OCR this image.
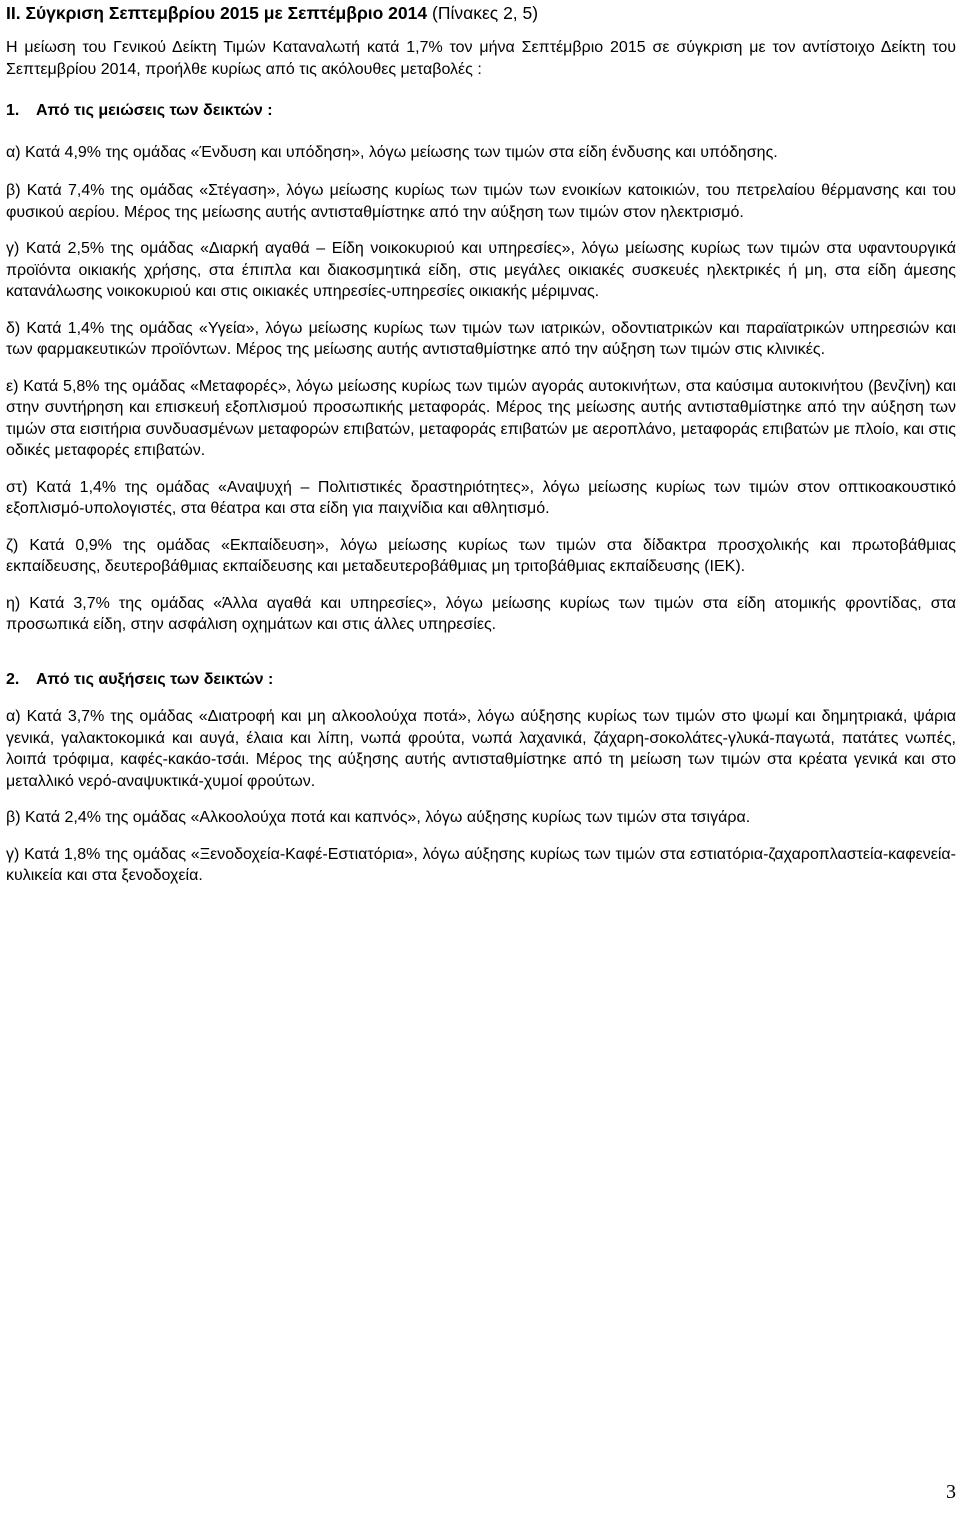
II. Σύγκριση Σεπτεμβρίου 2015 με Σεπτέμβριο 2014 (Πίνακες 2, 5)

Η μείωση του Γενικού Δείκτη Τιμών Καταναλωτή κατά 1,7% τον μήνα Σεπτέμβριο 2015 σε σύγκριση με τον αντίστοιχο Δείκτη του Σεπτεμβρίου 2014, προήλθε κυρίως από τις ακόλουθες μεταβολές :

1. Από τις μειώσεις των δεικτών :

α) Κατά 4,9% της ομάδας «Ένδυση και υπόδηση», λόγω μείωσης των τιμών στα είδη ένδυσης και υπόδησης.

β) Κατά 7,4% της ομάδας «Στέγαση», λόγω μείωσης κυρίως των τιμών των ενοικίων κατοικιών, του πετρελαίου θέρμανσης και του φυσικού αερίου. Μέρος της μείωσης αυτής αντισταθμίστηκε από την αύξηση των τιμών στον ηλεκτρισμό.

γ) Κατά 2,5% της ομάδας «Διαρκή αγαθά – Είδη νοικοκυριού και υπηρεσίες», λόγω μείωσης κυρίως των τιμών στα υφαντουργικά προϊόντα οικιακής χρήσης, στα έπιπλα και διακοσμητικά είδη, στις μεγάλες οικιακές συσκευές ηλεκτρικές ή μη, στα είδη άμεσης κατανάλωσης νοικοκυριού και στις οικιακές υπηρεσίες-υπηρεσίες οικιακής μέριμνας.

δ) Κατά 1,4% της ομάδας «Υγεία», λόγω μείωσης κυρίως των τιμών των ιατρικών, οδοντιατρικών και παραϊατρικών υπηρεσιών και των φαρμακευτικών προϊόντων. Μέρος της μείωσης αυτής αντισταθμίστηκε από την αύξηση των τιμών στις κλινικές.

ε) Κατά 5,8% της ομάδας «Μεταφορές», λόγω μείωσης κυρίως των τιμών αγοράς αυτοκινήτων, στα καύσιμα αυτοκινήτου (βενζίνη) και στην συντήρηση και επισκευή εξοπλισμού προσωπικής μεταφοράς. Μέρος της μείωσης αυτής αντισταθμίστηκε από την αύξηση των τιμών στα εισιτήρια συνδυασμένων μεταφορών επιβατών, μεταφοράς επιβατών με αεροπλάνο, μεταφοράς επιβατών με πλοίο, και στις οδικές μεταφορές επιβατών.

στ) Κατά 1,4% της ομάδας «Αναψυχή – Πολιτιστικές δραστηριότητες», λόγω μείωσης κυρίως των τιμών στον οπτικοακουστικό εξοπλισμό-υπολογιστές, στα θέατρα και στα είδη για παιχνίδια και αθλητισμό.

ζ) Κατά 0,9% της ομάδας «Εκπαίδευση», λόγω μείωσης κυρίως των τιμών στα δίδακτρα προσχολικής και πρωτοβάθμιας εκπαίδευσης, δευτεροβάθμιας εκπαίδευσης και μεταδευτεροβάθμιας μη τριτοβάθμιας εκπαίδευσης (ΙΕΚ).

η) Κατά 3,7% της ομάδας «Άλλα αγαθά και υπηρεσίες», λόγω μείωσης κυρίως των τιμών στα είδη ατομικής φροντίδας, στα προσωπικά είδη, στην ασφάλιση οχημάτων και στις άλλες υπηρεσίες.

2. Από τις αυξήσεις των δεικτών :

α) Κατά 3,7% της ομάδας «Διατροφή και μη αλκοολούχα ποτά», λόγω αύξησης κυρίως των τιμών στο ψωμί και δημητριακά, ψάρια γενικά, γαλακτοκομικά και αυγά, έλαια και λίπη, νωπά φρούτα, νωπά λαχανικά, ζάχαρη-σοκολάτες-γλυκά-παγωτά, πατάτες νωπές, λοιπά τρόφιμα, καφές-κακάο-τσάι. Μέρος της αύξησης αυτής αντισταθμίστηκε από τη μείωση των τιμών στα κρέατα γενικά και στο μεταλλικό νερό-αναψυκτικά-χυμοί φρούτων.

β) Κατά 2,4% της ομάδας «Αλκοολούχα ποτά και καπνός», λόγω αύξησης κυρίως των τιμών στα τσιγάρα.

γ) Κατά 1,8% της ομάδας «Ξενοδοχεία-Καφέ-Εστιατόρια», λόγω αύξησης κυρίως των τιμών στα εστιατόρια-ζαχαροπλαστεία-καφενεία-κυλικεία και στα ξενοδοχεία.

3
